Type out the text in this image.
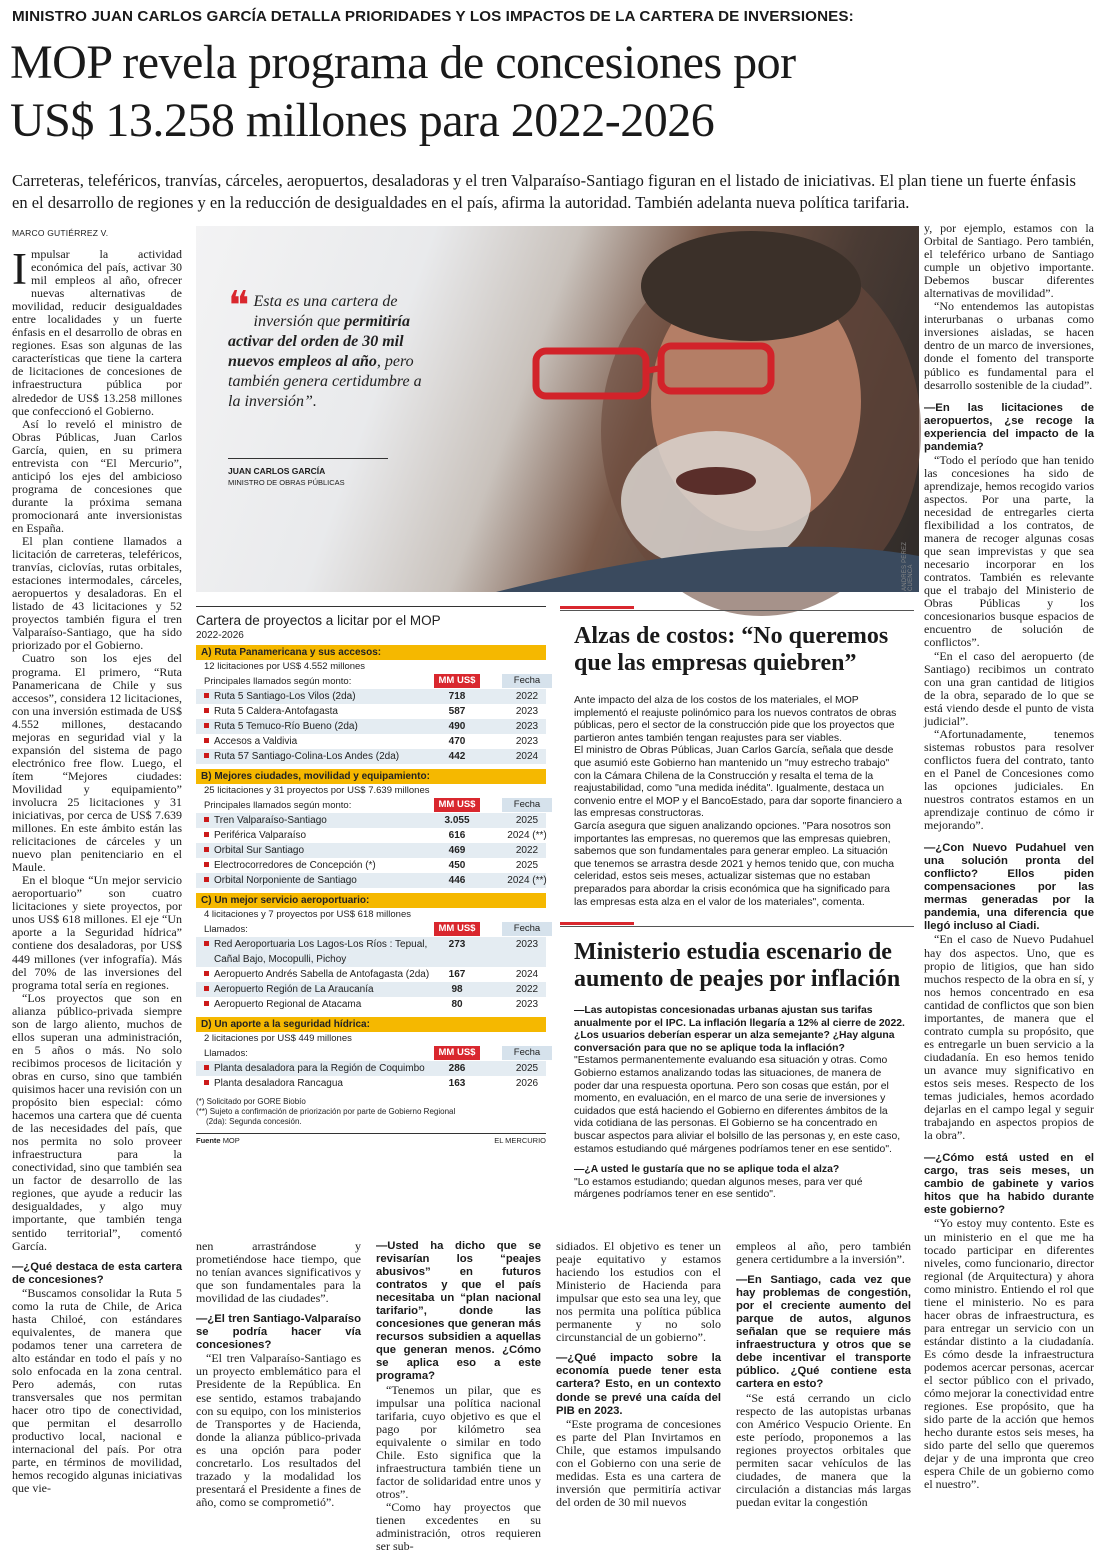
MINISTRO JUAN CARLOS GARCÍA DETALLA PRIORIDADES Y LOS IMPACTOS DE LA CARTERA DE INVERSIONES:
MOP revela programa de concesiones por
US$ 13.258 millones para 2022-2026
Carreteras, teleféricos, tranvías, cárceles, aeropuertos, desaladoras y el tren Valparaíso-Santiago figuran en el listado de iniciativas. El plan tiene un fuerte énfasis en el desarrollo de regiones y en la reducción de desigualdades en el país, afirma la autoridad. También adelanta nueva política tarifaria.
MARCO GUTIÉRREZ V.

Impulsar la actividad económica del país, activar 30 mil empleos al año, ofrecer nuevas alternativas de movilidad, reducir desigualdades entre localidades y un fuerte énfasis en el desarrollo de obras en regiones. Esas son algunas de las características que tiene la cartera de licitaciones de concesiones de infraestructura pública por alrededor de US$ 13.258 millones que confeccionó el Gobierno.

Así lo reveló el ministro de Obras Públicas, Juan Carlos García, quien, en su primera entrevista con “El Mercurio”, anticipó los ejes del ambicioso programa de concesiones que durante la próxima semana promocionará ante inversionistas en España.

El plan contiene llamados a licitación de carreteras, teleféricos, tranvías, ciclovías, rutas orbitales, estaciones intermodales, cárceles, aeropuertos y desaladoras. En el listado de 43 licitaciones y 52 proyectos también figura el tren Valparaíso-Santiago, que ha sido priorizado por el Gobierno.

Cuatro son los ejes del programa. El primero, “Ruta Panamericana de Chile y sus accesos”, considera 12 licitaciones, con una inversión estimada de US$ 4.552 millones, destacando mejoras en seguridad vial y la expansión del sistema de pago electrónico free flow. Luego, el ítem “Mejores ciudades: Movilidad y equipamiento” involucra 25 licitaciones y 31 iniciativas, por cerca de US$ 7.639 millones. En este ámbito están las relicitaciones de cárceles y un nuevo plan penitenciario en el Maule.

En el bloque “Un mejor servicio aeroportuario” son cuatro licitaciones y siete proyectos, por unos US$ 618 millones. El eje “Un aporte a la Seguridad hídrica” contiene dos desaladoras, por US$ 449 millones (ver infografía). Más del 70% de las inversiones del programa total sería en regiones.

“Los proyectos que son en alianza público-privada siempre son de largo aliento, muchos de ellos superan una administración, en 5 años o más. No solo recibimos procesos de licitación y obras en curso, sino que también quisimos hacer una revisión con un propósito bien especial: cómo hacemos una cartera que dé cuenta de las necesidades del país, que nos permita no solo proveer infraestructura para la conectividad, sino que también sea un factor de desarrollo de las regiones, que ayude a reducir las desigualdades, y algo muy importante, que también tenga sentido territorial”, comentó García.

—¿Qué destaca de esta cartera de concesiones?

“Buscamos consolidar la Ruta 5 como la ruta de Chile, de Arica hasta Chiloé, con estándares equivalentes, de manera que podamos tener una carretera de alto estándar en todo el país y no solo enfocada en la zona central. Pero además, con rutas transversales que nos permitan hacer otro tipo de conectividad, que permitan el desarrollo productivo local, nacional e internacional del país. Por otra parte, en términos de movilidad, hemos recogido algunas iniciativas que vie-

❝ Esta es una cartera de inversión que permitiría activar del orden de 30 mil nuevos empleos al año, pero también genera certidumbre a la inversión”.
JUAN CARLOS GARCÍA
MINISTRO DE OBRAS PÚBLICAS
ANDRÉS PÉREZ CUENCA

y, por ejemplo, estamos con la Orbital de Santiago. Pero también, el teleférico urbano de Santiago cumple un objetivo importante. Debemos buscar diferentes alternativas de movilidad”.

“No entendemos las autopistas interurbanas o urbanas como inversiones aisladas, se hacen dentro de un marco de inversiones, donde el fomento del transporte público es fundamental para el desarrollo sostenible de la ciudad”.

—En las licitaciones de aeropuertos, ¿se recoge la experiencia del impacto de la pandemia?

“Todo el período que han tenido las concesiones ha sido de aprendizaje, hemos recogido varios aspectos. Por una parte, la necesidad de entregarles cierta flexibilidad a los contratos, de manera de recoger algunas cosas que sean imprevistas y que sea necesario incorporar en los contratos. También es relevante que el trabajo del Ministerio de Obras Públicas y los concesionarios busque espacios de encuentro de solución de conflictos”.

“En el caso del aeropuerto (de Santiago) recibimos un contrato con una gran cantidad de litigios de la obra, separado de lo que se está viendo desde el punto de vista judicial”.

“Afortunadamente, tenemos sistemas robustos para resolver conflictos fuera del contrato, tanto en el Panel de Concesiones como las opciones judiciales. En nuestros contratos estamos en un aprendizaje continuo de cómo ir mejorando”.

—¿Con Nuevo Pudahuel ven una solución pronta del conflicto? Ellos piden compensaciones por las mermas generadas por la pandemia, una diferencia que llegó incluso al Ciadi.

“En el caso de Nuevo Pudahuel hay dos aspectos. Uno, que es propio de litigios, que han sido muchos respecto de la obra en sí, y nos hemos concentrado en esa cantidad de conflictos que son bien importantes, de manera que el contrato cumpla su propósito, que es entregarle un buen servicio a la ciudadanía. En eso hemos tenido un avance muy significativo en estos seis meses. Respecto de los temas judiciales, hemos acordado dejarlas en el campo legal y seguir trabajando en aspectos propios de la obra”.

—¿Cómo está usted en el cargo, tras seis meses, un cambio de gabinete y varios hitos que ha habido durante este gobierno?

“Yo estoy muy contento. Este es un ministerio en el que me ha tocado participar en diferentes niveles, como funcionario, director regional (de Arquitectura) y ahora como ministro. Entiendo el rol que tiene el ministerio. No es para hacer obras de infraestructura, es para entregar un servicio con un estándar distinto a la ciudadanía. Es cómo desde la infraestructura podemos acercar personas, acercar el sector público con el privado, cómo mejorar la conectividad entre regiones. Ese propósito, que ha sido parte de la acción que hemos hecho durante estos seis meses, ha sido parte del sello que queremos dejar y de una impronta que creo espera Chile de un gobierno como el nuestro”.

Cartera de proyectos a licitar por el MOP
2022-2026
A) Ruta Panamericana y sus accesos:
12 licitaciones por US$ 4.552 millones
Principales llamados según monto:	MM US$	Fecha
Ruta 5 Santiago-Los Vilos (2da)	718	2022
Ruta 5 Caldera-Antofagasta	587	2023
Ruta 5 Temuco-Río Bueno (2da)	490	2023
Accesos a Valdivia	470	2023
Ruta 57 Santiago-Colina-Los Andes (2da)	442	2024
B) Mejores ciudades, movilidad y equipamiento:
25 licitaciones y 31 proyectos por US$ 7.639 millones
Principales llamados según monto:	MM US$	Fecha
Tren Valparaíso-Santiago	3.055	2025
Periférica Valparaíso	616	2024 (**)
Orbital Sur Santiago	469	2022
Electrocorredores de Concepción (*)	450	2025
Orbital Norponiente de Santiago	446	2024 (**)
C) Un mejor servicio aeroportuario:
4 licitaciones y 7 proyectos por US$ 618 millones
Llamados:	MM US$	Fecha
Red Aeroportuaria Los Lagos-Los Ríos : Tepual,
Cañal Bajo, Mocopulli, Pichoy
273	2023
Aeropuerto Andrés Sabella de Antofagasta (2da)	167	2024
Aeropuerto Región de La Araucanía	98	2022
Aeropuerto Regional de Atacama	80	2023
D) Un aporte a la seguridad hídrica:
2 licitaciones por US$ 449 millones
Llamados:	MM US$	Fecha
Planta desaladora para la Región de Coquimbo	286	2025
Planta desaladora Rancagua	163	2026
(*) Solicitado por GORE Biobío
(**) Sujeto a confirmación de priorización por parte de Gobierno Regional
(2da): Segunda concesión.
Fuente MOP	EL MERCURIO
Alzas de costos: “No queremos que las empresas quiebren”
Ante impacto del alza de los costos de los materiales, el MOP implementó el reajuste polinómico para los nuevos contratos de obras públicas, pero el sector de la construcción pide que los proyectos que partieron antes también tengan reajustes para ser viables.
El ministro de Obras Públicas, Juan Carlos García, señala que desde que asumió este Gobierno han mantenido un "muy estrecho trabajo" con la Cámara Chilena de la Construcción y resalta el tema de la reajustabilidad, como "una medida inédita". Igualmente, destaca un convenio entre el MOP y el BancoEstado, para dar soporte financiero a las empresas constructoras.
García asegura que siguen analizando opciones. "Para nosotros son importantes las empresas, no queremos que las empresas quiebren, sabemos que son fundamentales para generar empleo. La situación que tenemos se arrastra desde 2021 y hemos tenido que, con mucha celeridad, estos seis meses, actualizar sistemas que no estaban preparados para abordar la crisis económica que ha significado para las empresas esta alza en el valor de los materiales", comenta.
Ministerio estudia escenario de aumento de peajes por inflación
—Las autopistas concesionadas urbanas ajustan sus tarifas anualmente por el IPC. La inflación llegaría a 12% al cierre de 2022. ¿Los usuarios deberían esperar un alza semejante? ¿Hay alguna conversación para que no se aplique toda la inflación?
"Estamos permanentemente evaluando esa situación y otras. Como Gobierno estamos analizando todas las situaciones, de manera de poder dar una respuesta oportuna. Pero son cosas que están, por el momento, en evaluación, en el marco de una serie de inversiones y cuidados que está haciendo el Gobierno en diferentes ámbitos de la vida cotidiana de las personas. El Gobierno se ha concentrado en buscar aspectos para aliviar el bolsillo de las personas y, en este caso, estamos estudiando qué márgenes podríamos tener en ese sentido".
—¿A usted le gustaría que no se aplique toda el alza?
"Lo estamos estudiando; quedan algunos meses, para ver qué márgenes podríamos tener en ese sentido".

nen arrastrándose y prometiéndose hace tiempo, que no tenían avances significativos y que son fundamentales para la movilidad de las ciudades”.

—¿El tren Santiago-Valparaíso se podría hacer vía concesiones?

“El tren Valparaíso-Santiago es un proyecto emblemático para el Presidente de la República. En ese sentido, estamos trabajando con su equipo, con los ministerios de Transportes y de Hacienda, donde la alianza público-privada es una opción para poder concretarlo. Los resultados del trazado y la modalidad los presentará el Presidente a fines de año, como se comprometió”.

—Usted ha dicho que se revisarían los “peajes abusivos” en futuros contratos y que el país necesitaba un “plan nacional tarifario”, donde las concesiones que generan más recursos subsidien a aquellas que generan menos. ¿Cómo se aplica eso a este programa?

“Tenemos un pilar, que es impulsar una política nacional tarifaria, cuyo objetivo es que el pago por kilómetro sea equivalente o similar en todo Chile. Esto significa que la infraestructura también tiene un factor de solidaridad entre unos y otros”.

“Como hay proyectos que tienen excedentes en su administración, otros requieren ser sub-

sidiados. El objetivo es tener un peaje equitativo y estamos haciendo los estudios con el Ministerio de Hacienda para impulsar que esto sea una ley, que nos permita una política pública permanente y no solo circunstancial de un gobierno”.

—¿Qué impacto sobre la economía puede tener esta cartera? Esto, en un contexto donde se prevé una caída del PIB en 2023.

“Este programa de concesiones es parte del Plan Invirtamos en Chile, que estamos impulsando con el Gobierno con una serie de medidas. Esta es una cartera de inversión que permitiría activar del orden de 30 mil nuevos

empleos al año, pero también genera certidumbre a la inversión”.

—En Santiago, cada vez que hay problemas de congestión, por el creciente aumento del parque de autos, algunos señalan que se requiere más infraestructura y otros que se debe incentivar el transporte público. ¿Qué contiene esta cartera en esto?

“Se está cerrando un ciclo respecto de las autopistas urbanas con Américo Vespucio Oriente. En este período, proponemos a las regiones proyectos orbitales que permiten sacar vehículos de las ciudades, de manera que la circulación a distancias más largas puedan evitar la congestión
